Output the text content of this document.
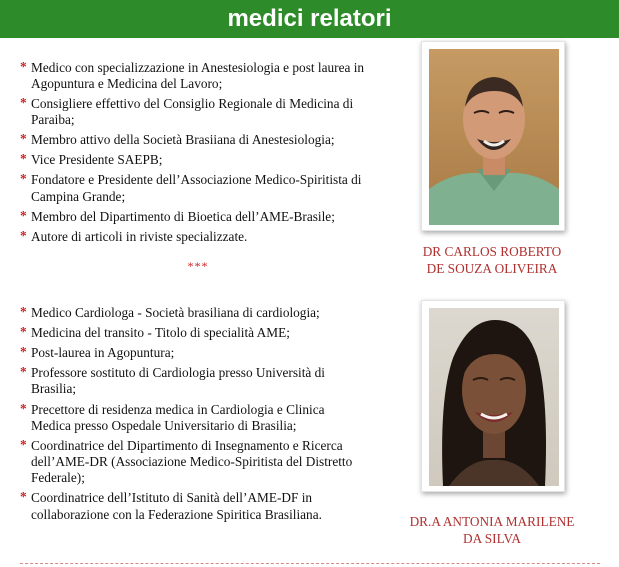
medici relatori
* Medico con specializzazione in Anestesiologia e post laurea in Agopuntura e Medicina del Lavoro;
* Consigliere effettivo del Consiglio Regionale di Medicina di Paraiba;
* Membro attivo della Società Brasiiana di Anestesiologia;
* Vice Presidente SAEPB;
* Fondatore e Presidente dell’Associazione Medico-Spiritista di Campina Grande;
* Membro del Dipartimento di Bioetica dell’AME-Brasile;
* Autore di articoli in riviste specializzate.
***
DR CARLOS ROBERTO
DE SOUZA OLIVEIRA
* Medico Cardiologa - Società brasiliana di cardiologia;
* Medicina del transito - Titolo di specialità AME;
* Post-laurea in Agopuntura;
* Professore sostituto di Cardiologia presso Università di Brasilia;
* Precettore di residenza medica in Cardiologia e Clinica Medica presso Ospedale Universitario di Brasilia;
* Coordinatrice del Dipartimento di Insegnamento e Ricerca dell’AME-DR (Associazione Medico-Spiritista del Distretto Federale);
* Coordinatrice dell’Istituto di Sanità dell’AME-DF in collaborazione con la Federazione Spiritica Brasiliana.	DR.A ANTONIA MARILENE
DA SILVA
